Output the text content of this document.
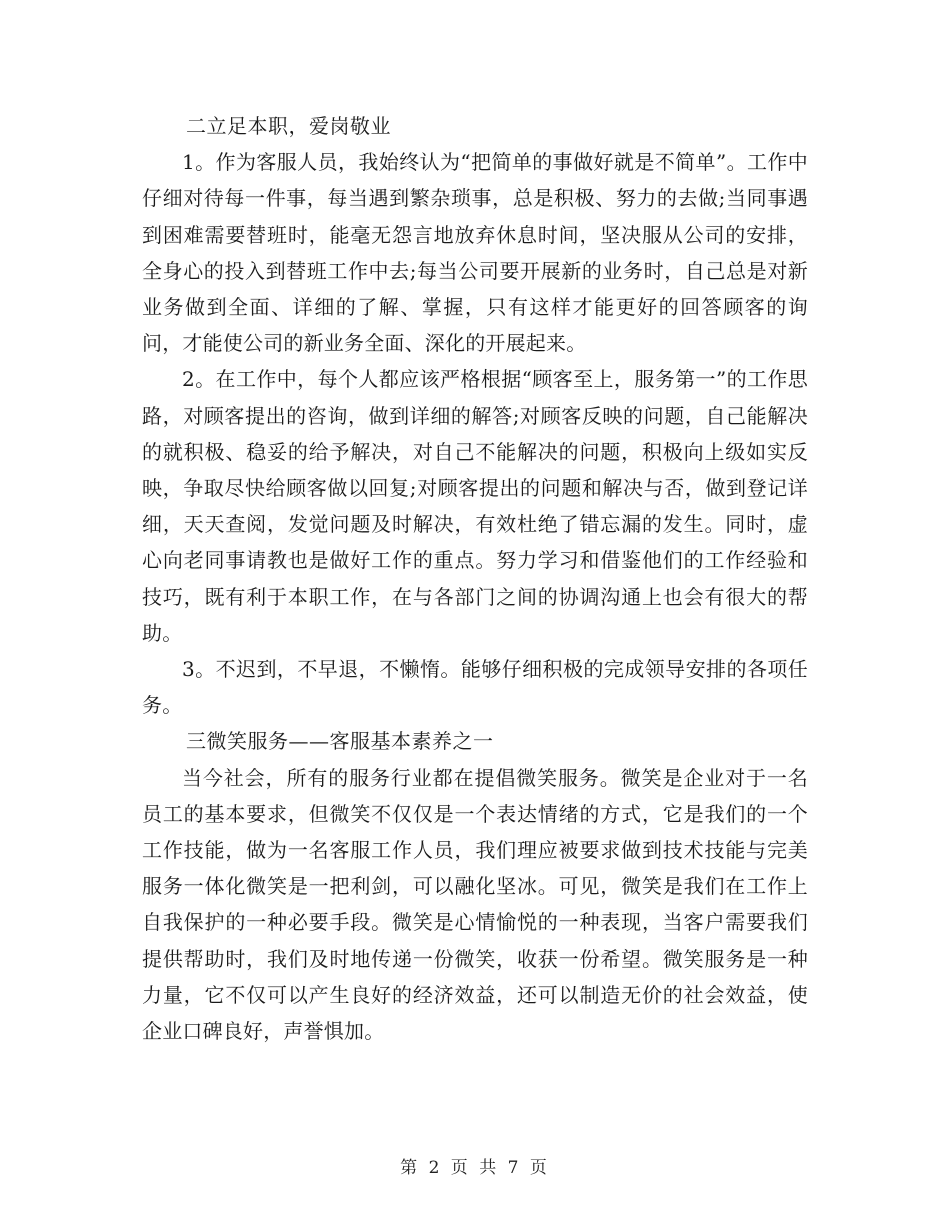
二立足本职，爱岗敬业

1。作为客服人员，我始终认为“把简单的事做好就是不简单”。工作中仔细对待每一件事，每当遇到繁杂琐事，总是积极、努力的去做;当同事遇到困难需要替班时，能毫无怨言地放弃休息时间，坚决服从公司的安排，全身心的投入到替班工作中去;每当公司要开展新的业务时，自己总是对新业务做到全面、详细的了解、掌握，只有这样才能更好的回答顾客的询问，才能使公司的新业务全面、深化的开展起来。

2。在工作中，每个人都应该严格根据“顾客至上，服务第一”的工作思路，对顾客提出的咨询，做到详细的解答;对顾客反映的问题，自己能解决的就积极、稳妥的给予解决，对自己不能解决的问题，积极向上级如实反映，争取尽快给顾客做以回复;对顾客提出的问题和解决与否，做到登记详细，天天查阅，发觉问题及时解决，有效杜绝了错忘漏的发生。同时，虚心向老同事请教也是做好工作的重点。努力学习和借鉴他们的工作经验和技巧，既有利于本职工作，在与各部门之间的协调沟通上也会有很大的帮助。

3。不迟到，不早退，不懒惰。能够仔细积极的完成领导安排的各项任务。

三微笑服务——客服基本素养之一

当今社会，所有的服务行业都在提倡微笑服务。微笑是企业对于一名员工的基本要求，但微笑不仅仅是一个表达情绪的方式，它是我们的一个工作技能，做为一名客服工作人员，我们理应被要求做到技术技能与完美服务一体化微笑是一把利剑，可以融化坚冰。可见，微笑是我们在工作上自我保护的一种必要手段。微笑是心情愉悦的一种表现，当客户需要我们提供帮助时，我们及时地传递一份微笑，收获一份希望。微笑服务是一种力量，它不仅可以产生良好的经济效益，还可以制造无价的社会效益，使企业口碑良好，声誉惧加。

第 2 页 共 7 页
